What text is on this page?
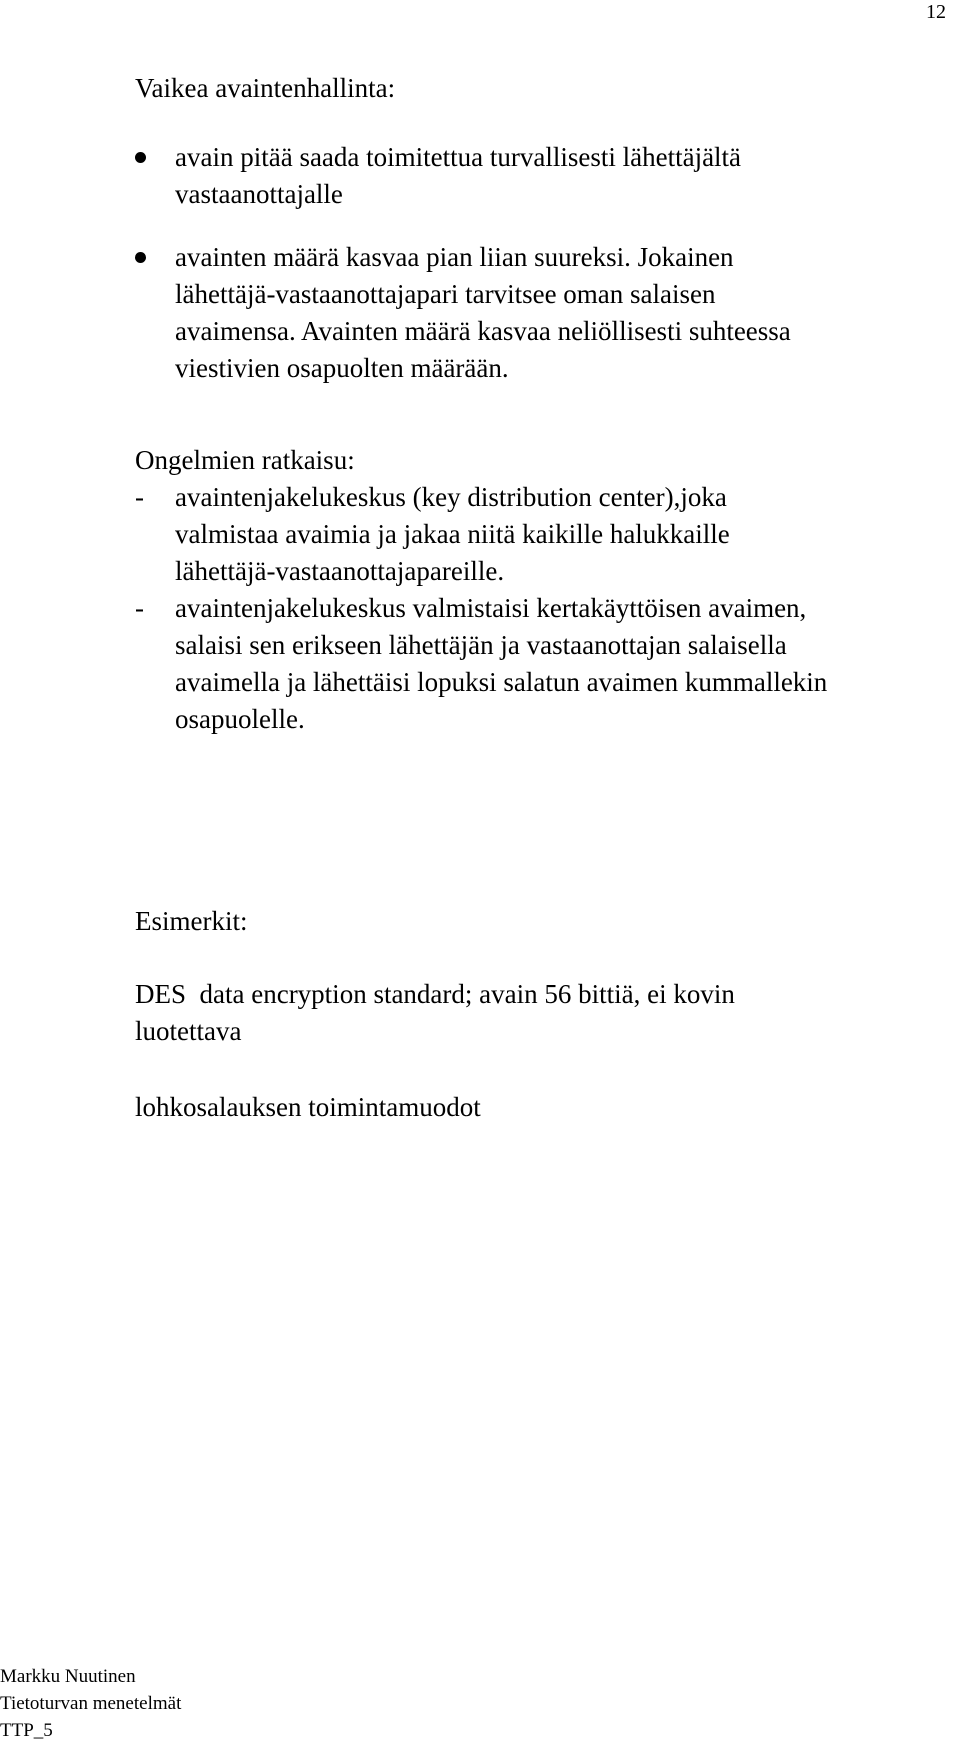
12
Vaikea avaintenhallinta:
avain pitää saada toimitettua turvallisesti lähettäjältä
vastaanottajalle
avainten määrä kasvaa pian liian suureksi. Jokainen
lähettäjä-vastaanottajapari tarvitsee oman salaisen
avaimensa. Avainten määrä kasvaa neliöllisesti suhteessa
viestivien osapuolten määrään.
Ongelmien ratkaisu:
- avaintenjakelukeskus (key distribution center),joka
valmistaa avaimia ja jakaa niitä kaikille halukkaille
lähettäjä-vastaanottajapareille.
- avaintenjakelukeskus valmistaisi kertakäyttöisen avaimen,
salaisi sen erikseen lähettäjän ja vastaanottajan salaisella
avaimella ja lähettäisi lopuksi salatun avaimen kummallekin
osapuolelle.
Esimerkit:
DES  data encryption standard; avain 56 bittiä, ei kovin
luotettava
lohkosalauksen toimintamuodot
Markku Nuutinen
Tietoturvan menetelmät
TTP_5
